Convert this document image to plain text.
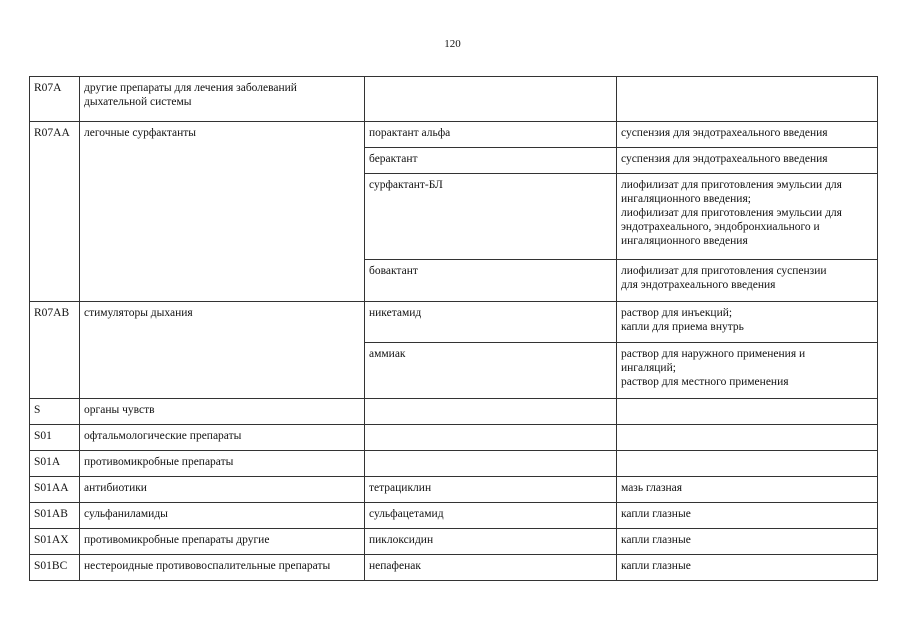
120
R07A	другие препараты для лечения заболеваний
дыхательной системы		
R07AA	легочные сурфактанты	порактант альфа	суспензия для эндотрахеального введения
		берактант	суспензия для эндотрахеального введения
		сурфактант-БЛ	лиофилизат для приготовления эмульсии для
ингаляционного введения;
лиофилизат для приготовления эмульсии для
эндотрахеального, эндобронхиального и
ингаляционного введения
		бовактант	лиофилизат для приготовления суспензии
для эндотрахеального введения
R07AB	стимуляторы дыхания	никетамид	раствор для инъекций;
капли для приема внутрь
		аммиак	раствор для наружного применения и
ингаляций;
раствор для местного применения
S	органы чувств		
S01	офтальмологические препараты		
S01A	противомикробные препараты		
S01AA	антибиотики	тетрациклин	мазь глазная
S01AB	сульфаниламиды	сульфацетамид	капли глазные
S01AX	противомикробные препараты другие	пиклоксидин	капли глазные
S01BC	нестероидные противовоспалительные препараты	непафенак	капли глазные
